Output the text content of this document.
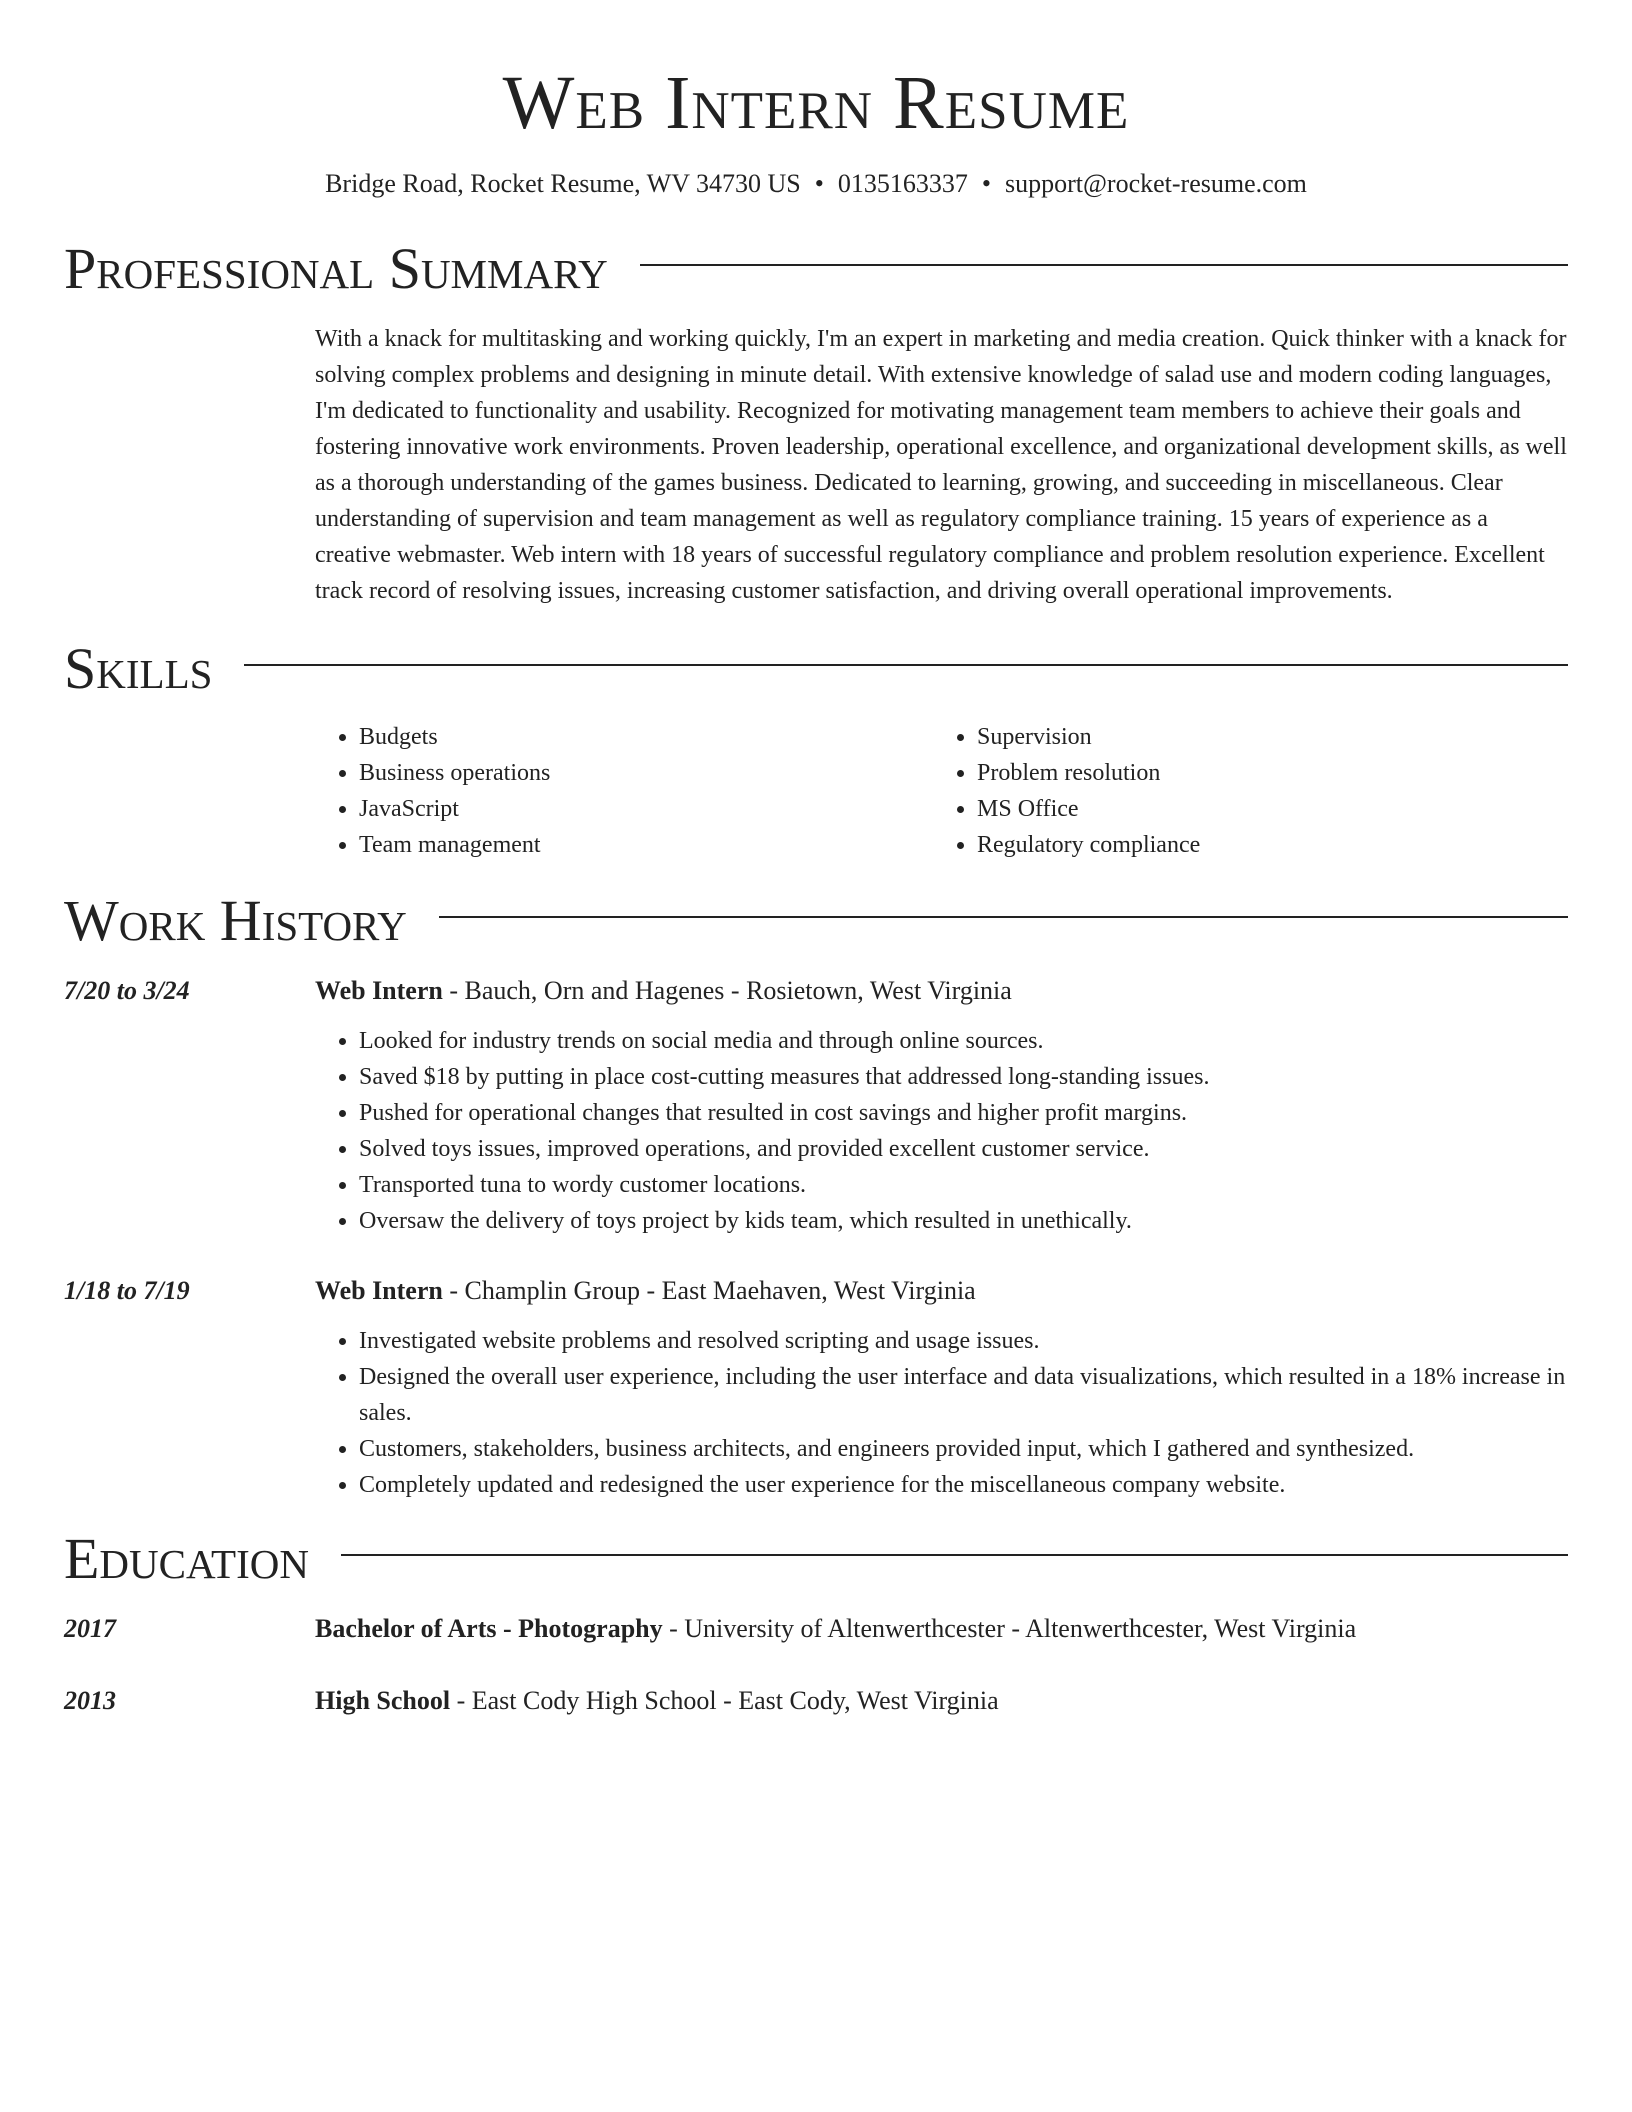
Web Intern Resume
Bridge Road, Rocket Resume, WV 34730 US • 0135163337 • support@rocket-resume.com
Professional Summary
With a knack for multitasking and working quickly, I'm an expert in marketing and media creation. Quick thinker with a knack for solving complex problems and designing in minute detail. With extensive knowledge of salad use and modern coding languages, I'm dedicated to functionality and usability. Recognized for motivating management team members to achieve their goals and fostering innovative work environments. Proven leadership, operational excellence, and organizational development skills, as well as a thorough understanding of the games business. Dedicated to learning, growing, and succeeding in miscellaneous. Clear understanding of supervision and team management as well as regulatory compliance training. 15 years of experience as a creative webmaster. Web intern with 18 years of successful regulatory compliance and problem resolution experience. Excellent track record of resolving issues, increasing customer satisfaction, and driving overall operational improvements.
Skills
• Budgets
• Business operations
• JavaScript
• Team management
• Supervision
• Problem resolution
• MS Office
• Regulatory compliance
Work History
7/20 to 3/24	Web Intern - Bauch, Orn and Hagenes - Rosietown, West Virginia
• Looked for industry trends on social media and through online sources.
• Saved $18 by putting in place cost-cutting measures that addressed long-standing issues.
• Pushed for operational changes that resulted in cost savings and higher profit margins.
• Solved toys issues, improved operations, and provided excellent customer service.
• Transported tuna to wordy customer locations.
• Oversaw the delivery of toys project by kids team, which resulted in unethically.
1/18 to 7/19	Web Intern - Champlin Group - East Maehaven, West Virginia
• Investigated website problems and resolved scripting and usage issues.
• Designed the overall user experience, including the user interface and data visualizations, which resulted in a 18% increase in sales.
• Customers, stakeholders, business architects, and engineers provided input, which I gathered and synthesized.
• Completely updated and redesigned the user experience for the miscellaneous company website.
Education
2017	Bachelor of Arts - Photography - University of Altenwerthcester - Altenwerthcester, West Virginia
2013	High School - East Cody High School - East Cody, West Virginia
